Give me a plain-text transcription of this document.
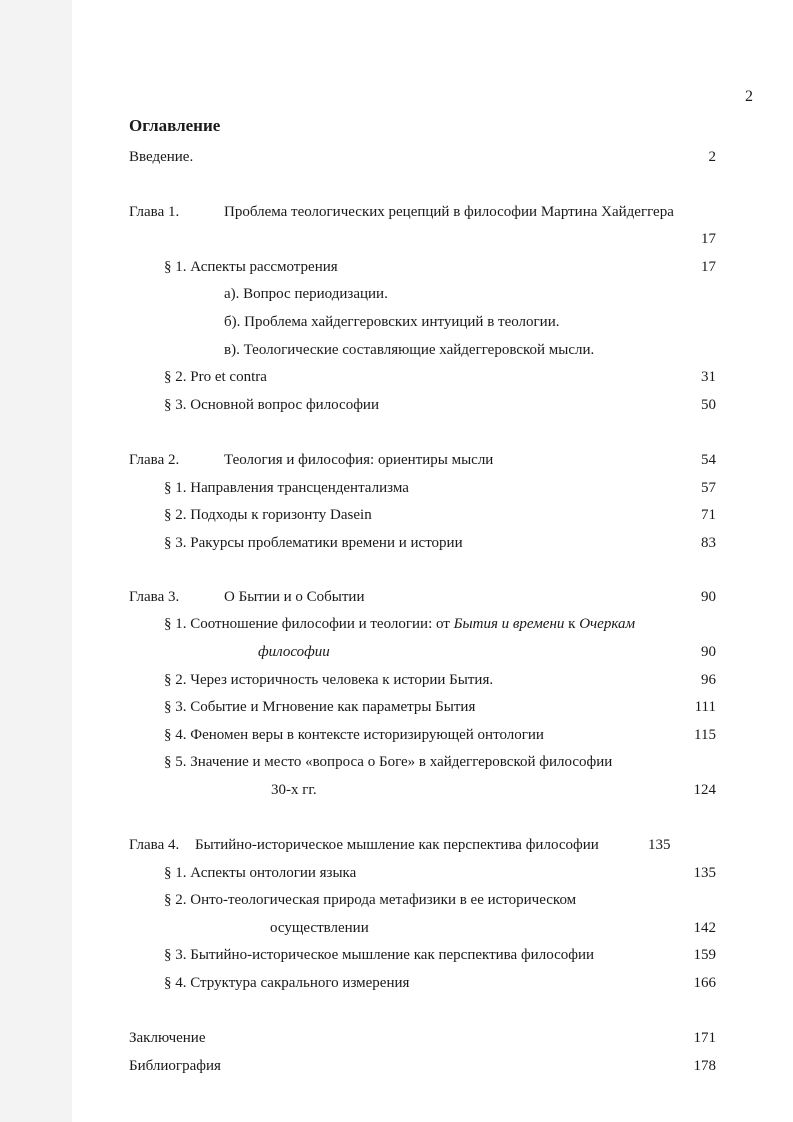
2
Оглавление
Введение.	2
Глава 1.	Проблема теологических рецепций в философии Мартина Хайдеггера
17
§ 1. Аспекты рассмотрения	17
а). Вопрос периодизации.
б). Проблема хайдеггеровских интуиций в теологии.
в). Теологические составляющие хайдеггеровской мысли.
§ 2. Pro et contra	31
§ 3. Основной вопрос философии	50
Глава 2.	Теология и философия: ориентиры мысли	54
§ 1. Направления трансцендентализма	57
§ 2. Подходы к горизонту Dasein	71
§ 3. Ракурсы проблематики времени и истории	83
Глава 3.	О Бытии и о Событии	90
§ 1. Соотношение философии и теологии: от Бытия и времени к Очеркам
философии	90
§ 2. Через историчность человека к истории Бытия.	96
§ 3. Событие и Мгновение как параметры Бытия	111
§ 4. Феномен веры в контексте историзирующей онтологии	115
§ 5. Значение и место «вопроса о Боге» в хайдеггеровской философии
30-х гг.	124
Глава 4. Бытийно-историческое мышление как перспектива философии	135
§ 1. Аспекты онтологии языка	135
§ 2. Онто-теологическая природа метафизики в ее историческом
осуществлении	142
§ 3. Бытийно-историческое мышление как перспектива философии	159
§ 4. Структура сакрального измерения	166
Заключение	171
Библиография	178
